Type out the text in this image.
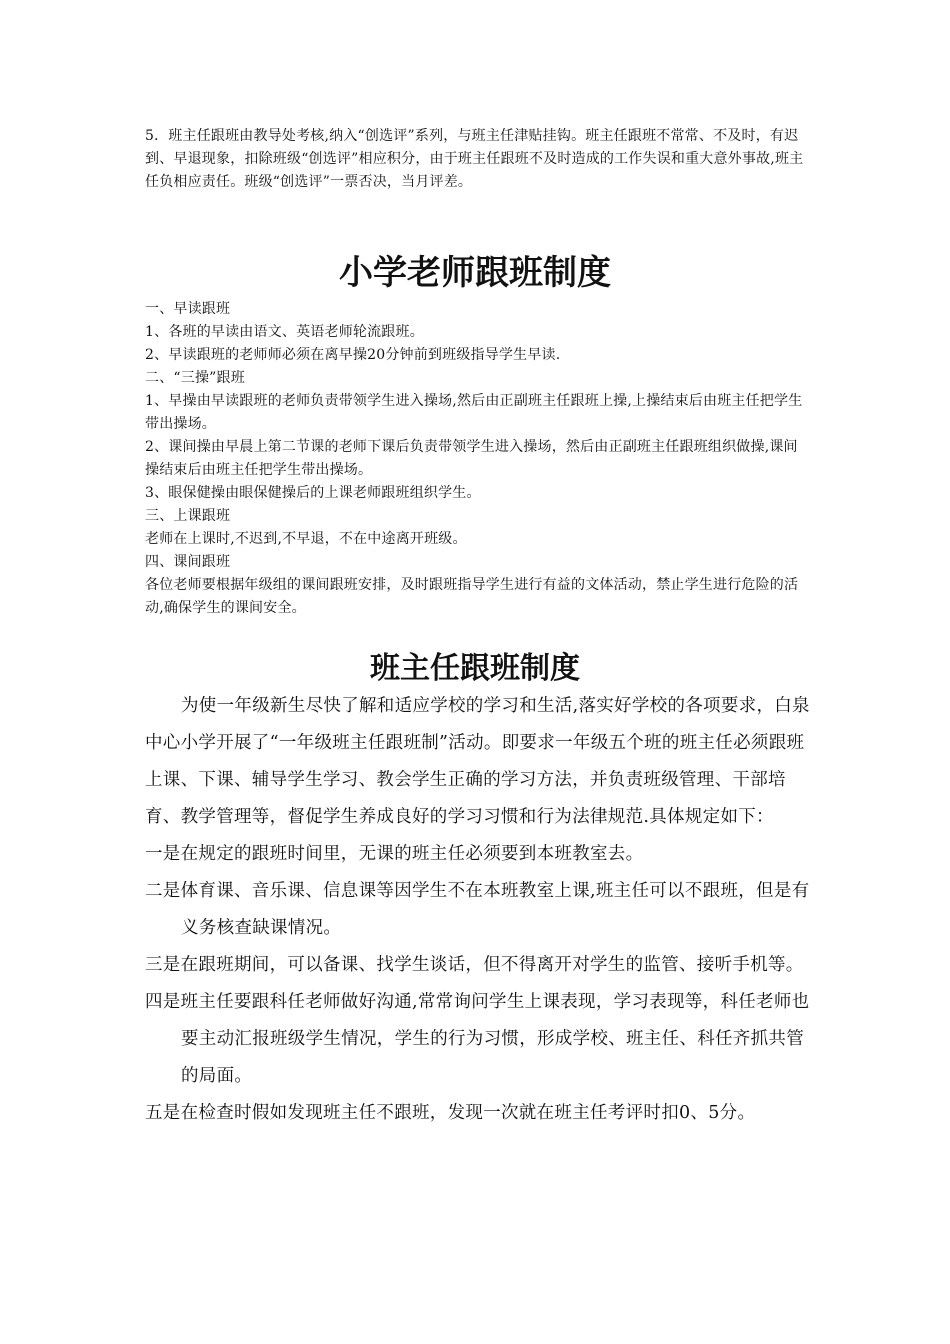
5．班主任跟班由教导处考核,纳入“创选评”系列，与班主任津贴挂钩。班主任跟班不常常、不及时，有迟到、早退现象，扣除班级“创选评”相应积分，由于班主任跟班不及时造成的工作失误和重大意外事故,班主任负相应责任。班级“创选评”一票否决，当月评差。

小学老师跟班制度
一、早读跟班
1、各班的早读由语文、英语老师轮流跟班。
2、早读跟班的老师师必须在离早操20分钟前到班级指导学生早读.
二、“三操”跟班
1、早操由早读跟班的老师负责带领学生进入操场,然后由正副班主任跟班上操,上操结束后由班主任把学生带出操场。
2、课间操由早晨上第二节课的老师下课后负责带领学生进入操场，然后由正副班主任跟班组织做操,课间操结束后由班主任把学生带出操场。
3、眼保健操由眼保健操后的上课老师跟班组织学生。
三、上课跟班
老师在上课时,不迟到,不早退，不在中途离开班级。
四、课间跟班
各位老师要根据年级组的课间跟班安排，及时跟班指导学生进行有益的文体活动，禁止学生进行危险的活动,确保学生的课间安全。
班主任跟班制度
为使一年级新生尽快了解和适应学校的学习和生活,落实好学校的各项要求，白泉中心小学开展了“一年级班主任跟班制”活动。即要求一年级五个班的班主任必须跟班上课、下课、辅导学生学习、教会学生正确的学习方法，并负责班级管理、干部培育、教学管理等，督促学生养成良好的学习习惯和行为法律规范.具体规定如下：
一是在规定的跟班时间里，无课的班主任必须要到本班教室去。
二是体育课、音乐课、信息课等因学生不在本班教室上课,班主任可以不跟班，但是有义务核查缺课情况。
三是在跟班期间，可以备课、找学生谈话，但不得离开对学生的监管、接听手机等。
四是班主任要跟科任老师做好沟通,常常询问学生上课表现，学习表现等，科任老师也要主动汇报班级学生情况，学生的行为习惯，形成学校、班主任、科任齐抓共管的局面。
五是在检查时假如发现班主任不跟班，发现一次就在班主任考评时扣0、5分。
